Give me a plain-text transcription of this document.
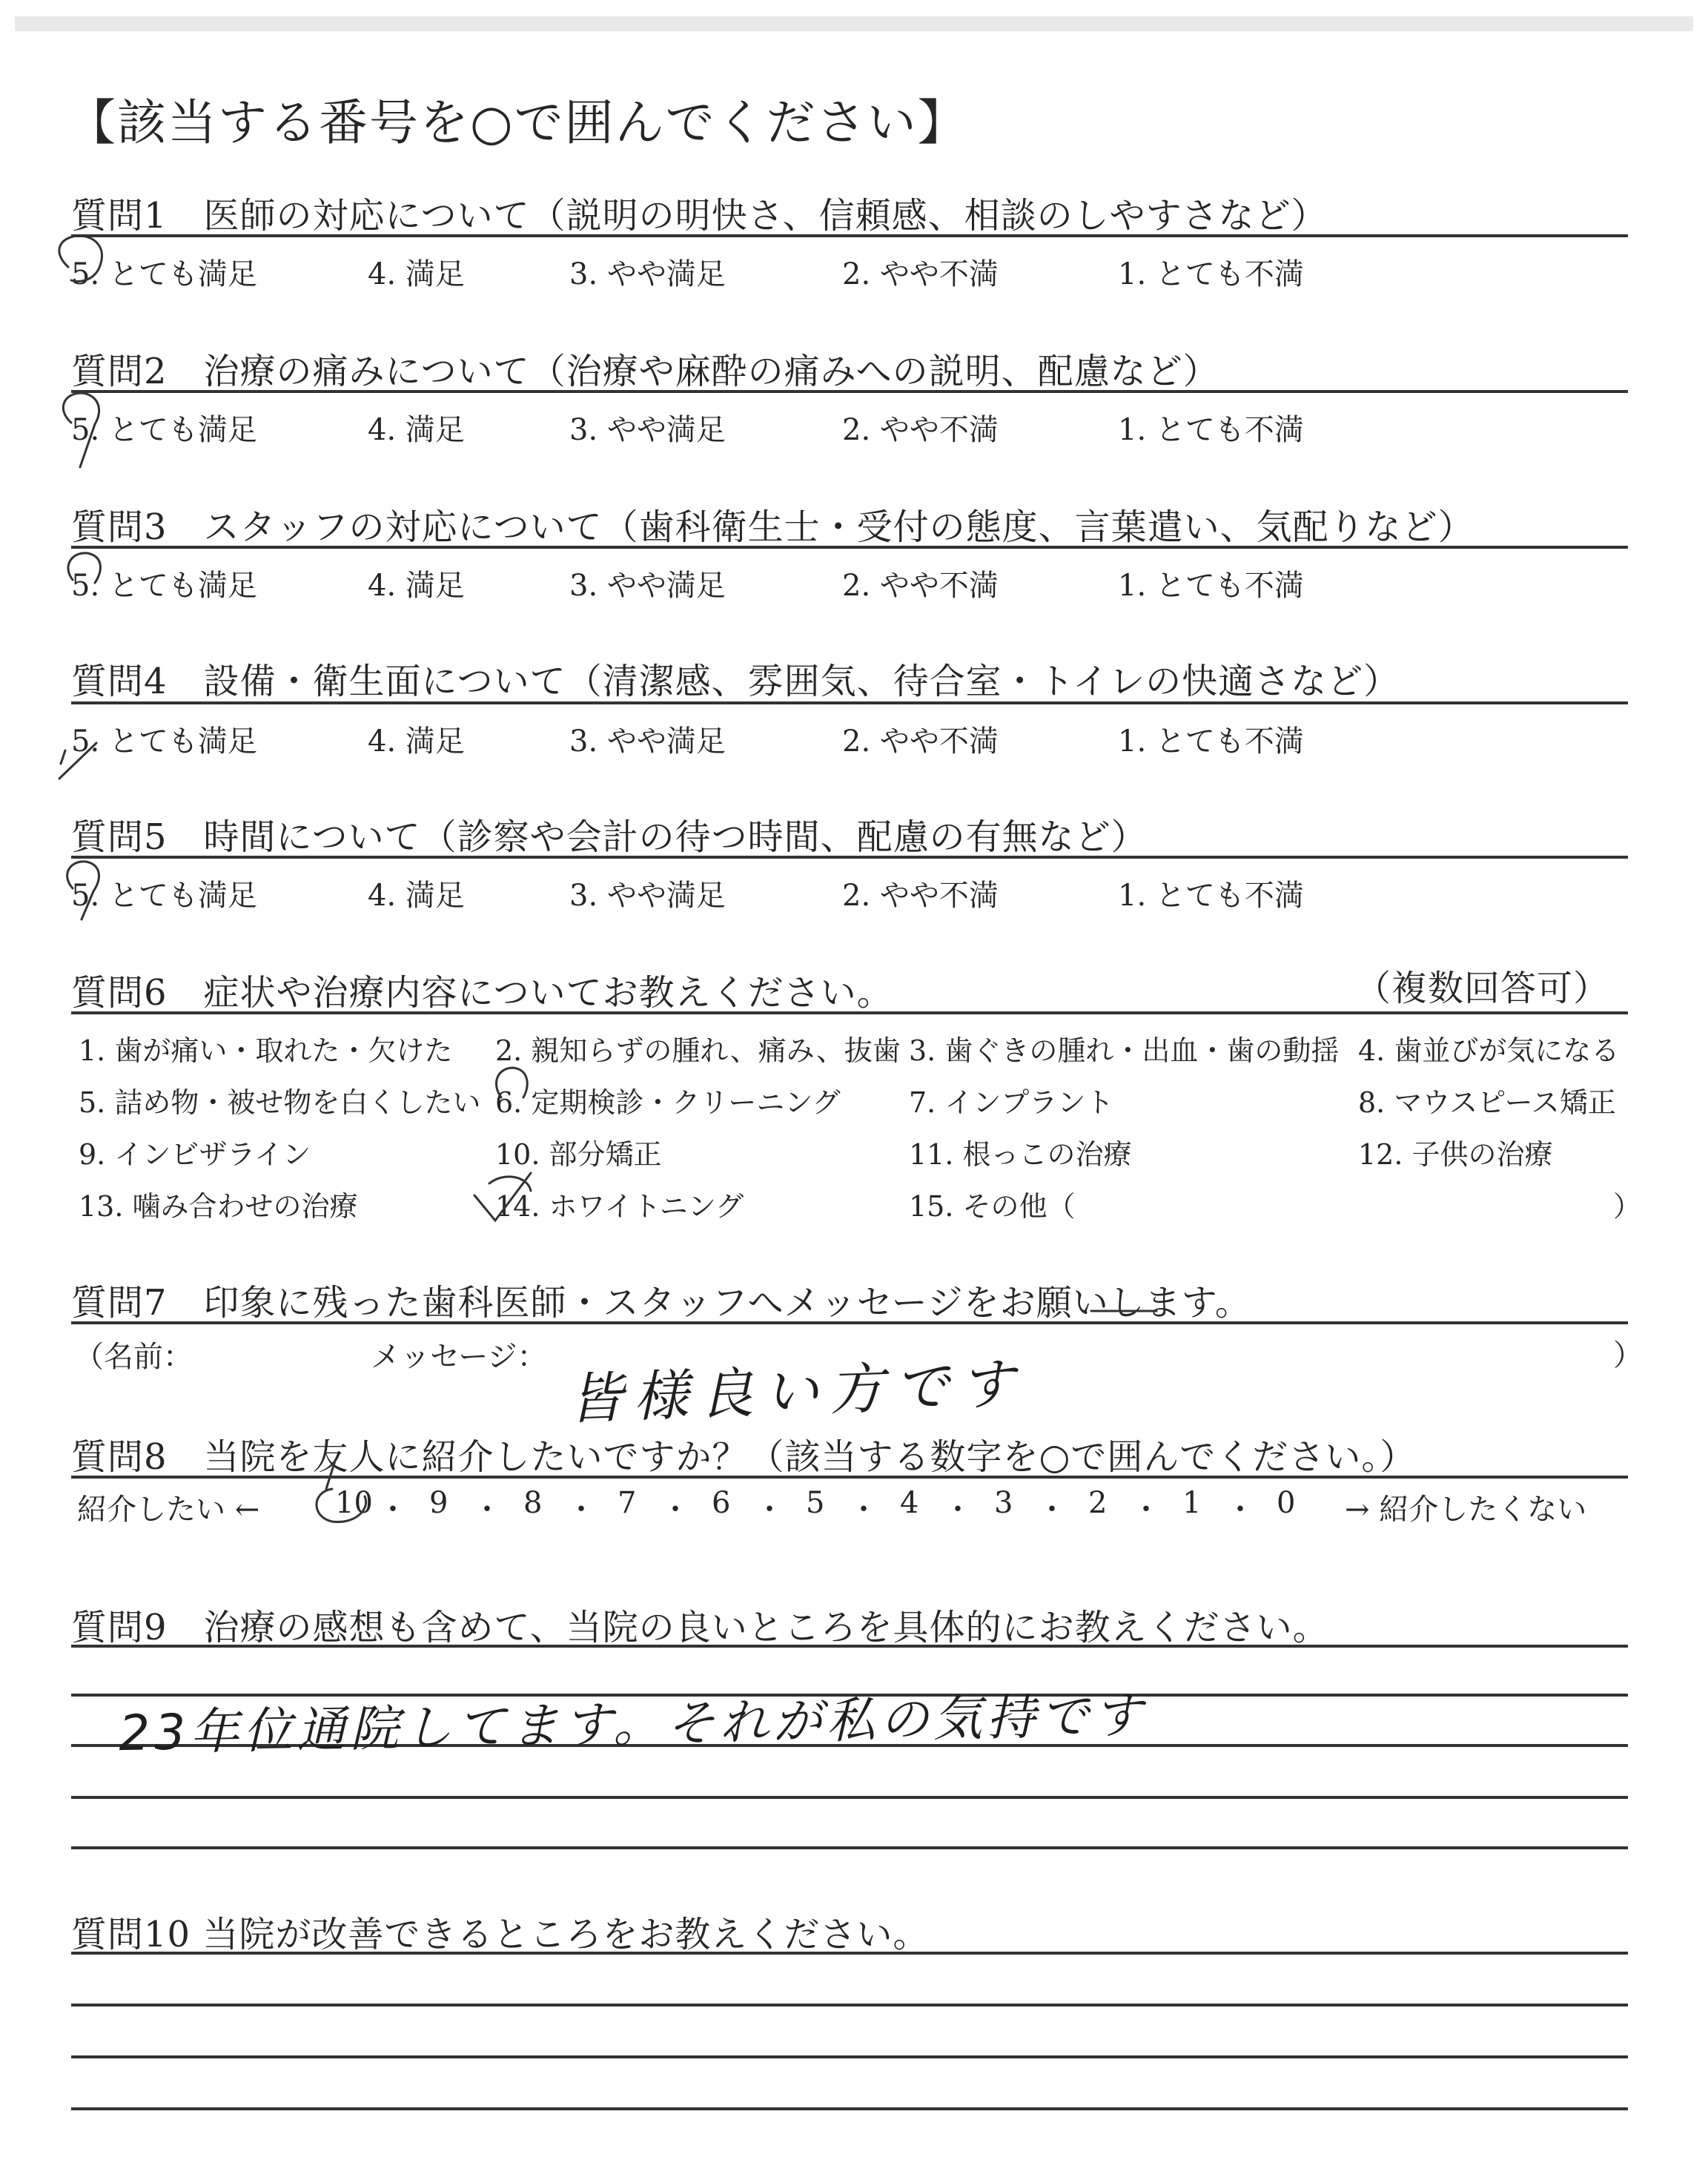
【該当する番号を○で囲んでください】
質問1　医師の対応について（説明の明快さ、信頼感、相談のしやすさなど）
5. とても満足	4. 満足	3. やや満足	2. やや不満	1. とても不満
質問2　治療の痛みについて（治療や麻酔の痛みへの説明、配慮など）
5. とても満足	4. 満足	3. やや満足	2. やや不満	1. とても不満
質問3　スタッフの対応について（歯科衛生士・受付の態度、言葉遣い、気配りなど）
5. とても満足	4. 満足	3. やや満足	2. やや不満	1. とても不満
質問4　設備・衛生面について（清潔感、雰囲気、待合室・トイレの快適さなど）
5. とても満足	4. 満足	3. やや満足	2. やや不満	1. とても不満
質問5　時間について（診察や会計の待つ時間、配慮の有無など）
5. とても満足	4. 満足	3. やや満足	2. やや不満	1. とても不満
質問6　症状や治療内容についてお教えください。	（複数回答可）
1. 歯が痛い・取れた・欠けた 2. 親知らずの腫れ、痛み、抜歯 3. 歯ぐきの腫れ・出血・歯の動揺 4. 歯並びが気になる
5. 詰め物・被せ物を白くしたい 6. 定期検診・クリーニング 7. インプラント	8. マウスピース矯正
9. インビザライン	10. 部分矯正	11. 根っこの治療	12. 子供の治療
13. 噛み合わせの治療	14. ホワイトニング	15. その他（	）
質問7　印象に残った歯科医師・スタッフへメッセージをお願いします。
（名前：	メッセージ：	）
皆様良い方です
質問8　当院を友人に紹介したいですか？（該当する数字を○で囲んでください。）
紹介したい ←	→ 紹介したくない
10 ・ 9 ・ 8 ・ 7 ・ 6 ・ 5 ・ 4 ・ 3 ・ 2 ・ 1 ・ 0
質問9　治療の感想も含めて、当院の良いところを具体的にお教えください。
23年位通院してます。それが私の気持です
質問10 当院が改善できるところをお教えください。
